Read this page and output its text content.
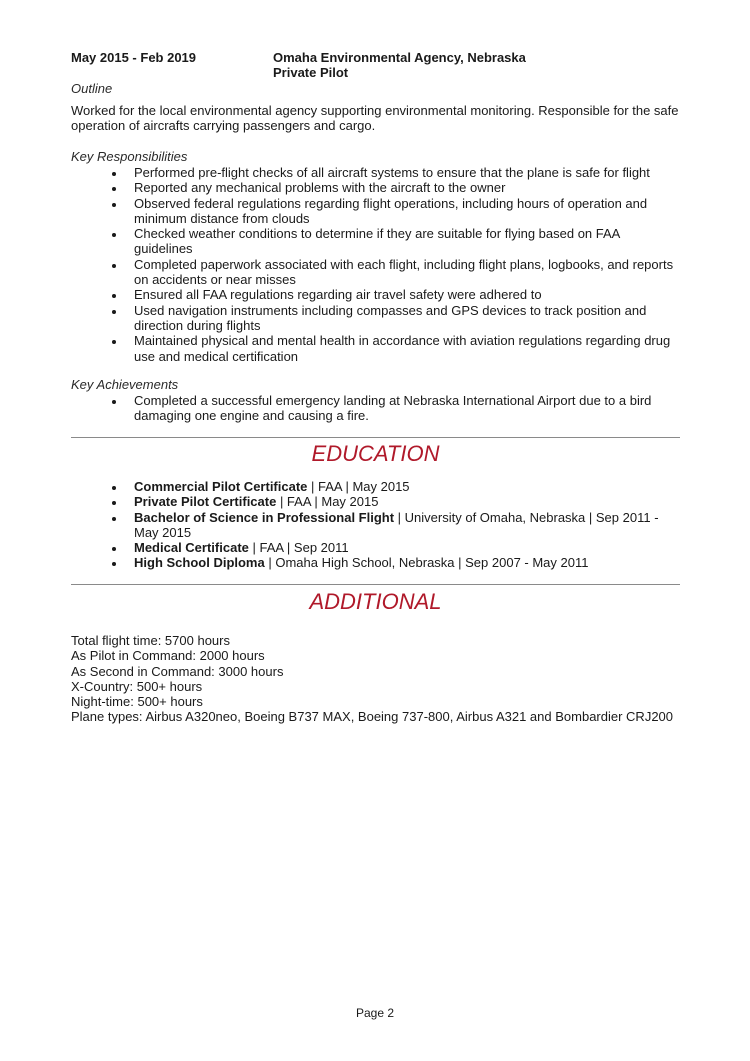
May 2015 - Feb 2019	Omaha Environmental Agency, Nebraska
Private Pilot
Outline
Worked for the local environmental agency supporting environmental monitoring. Responsible for the safe operation of aircrafts carrying passengers and cargo.
Key Responsibilities
Performed pre-flight checks of all aircraft systems to ensure that the plane is safe for flight
Reported any mechanical problems with the aircraft to the owner
Observed federal regulations regarding flight operations, including hours of operation and minimum distance from clouds
Checked weather conditions to determine if they are suitable for flying based on FAA guidelines
Completed paperwork associated with each flight, including flight plans, logbooks, and reports on accidents or near misses
Ensured all FAA regulations regarding air travel safety were adhered to
Used navigation instruments including compasses and GPS devices to track position and direction during flights
Maintained physical and mental health in accordance with aviation regulations regarding drug use and medical certification
Key Achievements
Completed a successful emergency landing at Nebraska International Airport due to a bird damaging one engine and causing a fire.
EDUCATION
Commercial Pilot Certificate | FAA | May 2015
Private Pilot Certificate | FAA | May 2015
Bachelor of Science in Professional Flight | University of Omaha, Nebraska | Sep 2011 - May 2015
Medical Certificate | FAA | Sep 2011
High School Diploma | Omaha High School, Nebraska | Sep 2007 - May 2011
ADDITIONAL
Total flight time: 5700 hours
As Pilot in Command: 2000 hours
As Second in Command: 3000 hours
X-Country: 500+ hours
Night-time: 500+ hours
Plane types: Airbus A320neo, Boeing B737 MAX, Boeing 737-800, Airbus A321 and Bombardier CRJ200
Page 2
